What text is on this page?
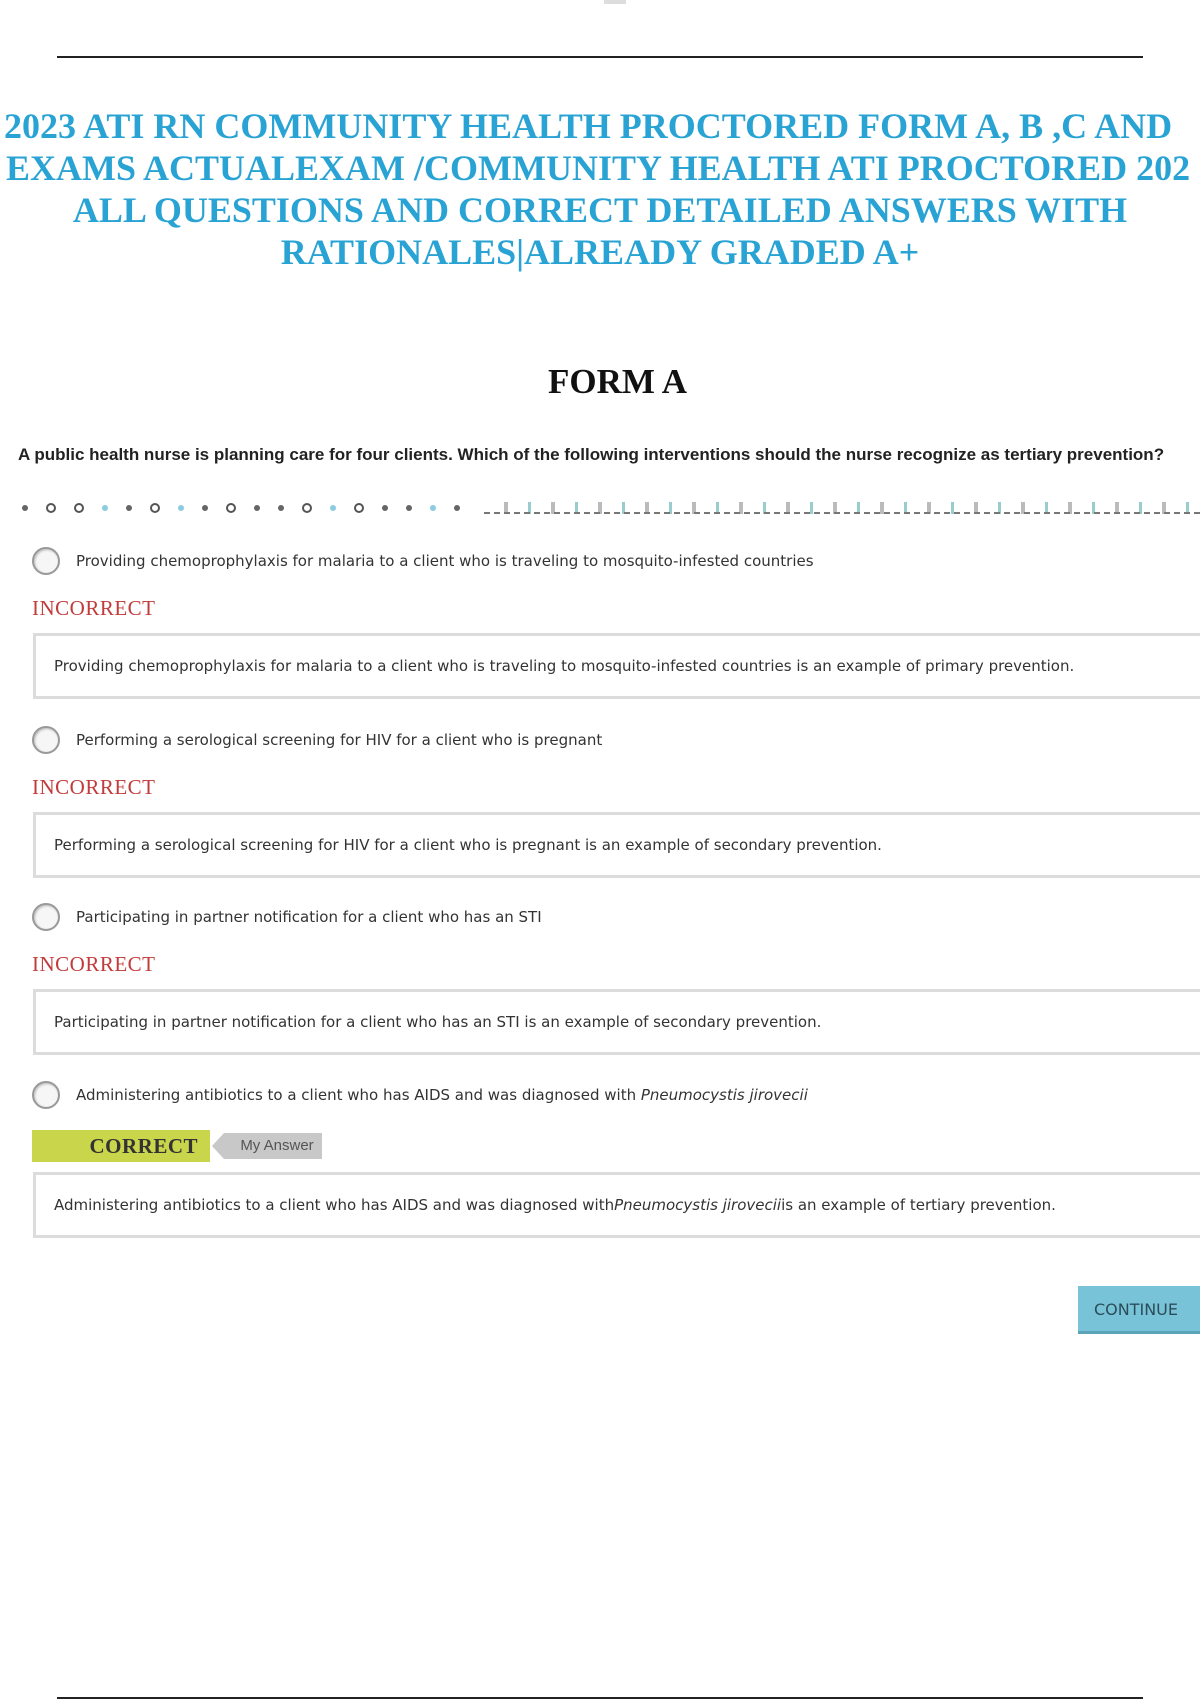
2023 ATI RN COMMUNITY HEALTH PROCTORED FORM A, B ,C AND
EXAMS ACTUALEXAM /COMMUNITY HEALTH ATI PROCTORED 202
ALL QUESTIONS AND CORRECT DETAILED ANSWERS WITH
RATIONALES|ALREADY GRADED A+
FORM A
A public health nurse is planning care for four clients. Which of the following interventions should the nurse recognize as tertiary prevention?
Providing chemoprophylaxis for malaria to a client who is traveling to mosquito-infested countries
INCORRECT
Providing chemoprophylaxis for malaria to a client who is traveling to mosquito-infested countries is an example of primary prevention.
Performing a serological screening for HIV for a client who is pregnant
INCORRECT
Performing a serological screening for HIV for a client who is pregnant is an example of secondary prevention.
Participating in partner notification for a client who has an STI
INCORRECT
Participating in partner notification for a client who has an STI is an example of secondary prevention.
Administering antibiotics to a client who has AIDS and was diagnosed with Pneumocystis jirovecii
CORRECT	My Answer
Administering antibiotics to a client who has AIDS and was diagnosed with Pneumocystis jirovecii is an example of tertiary prevention.
CONTINUE
